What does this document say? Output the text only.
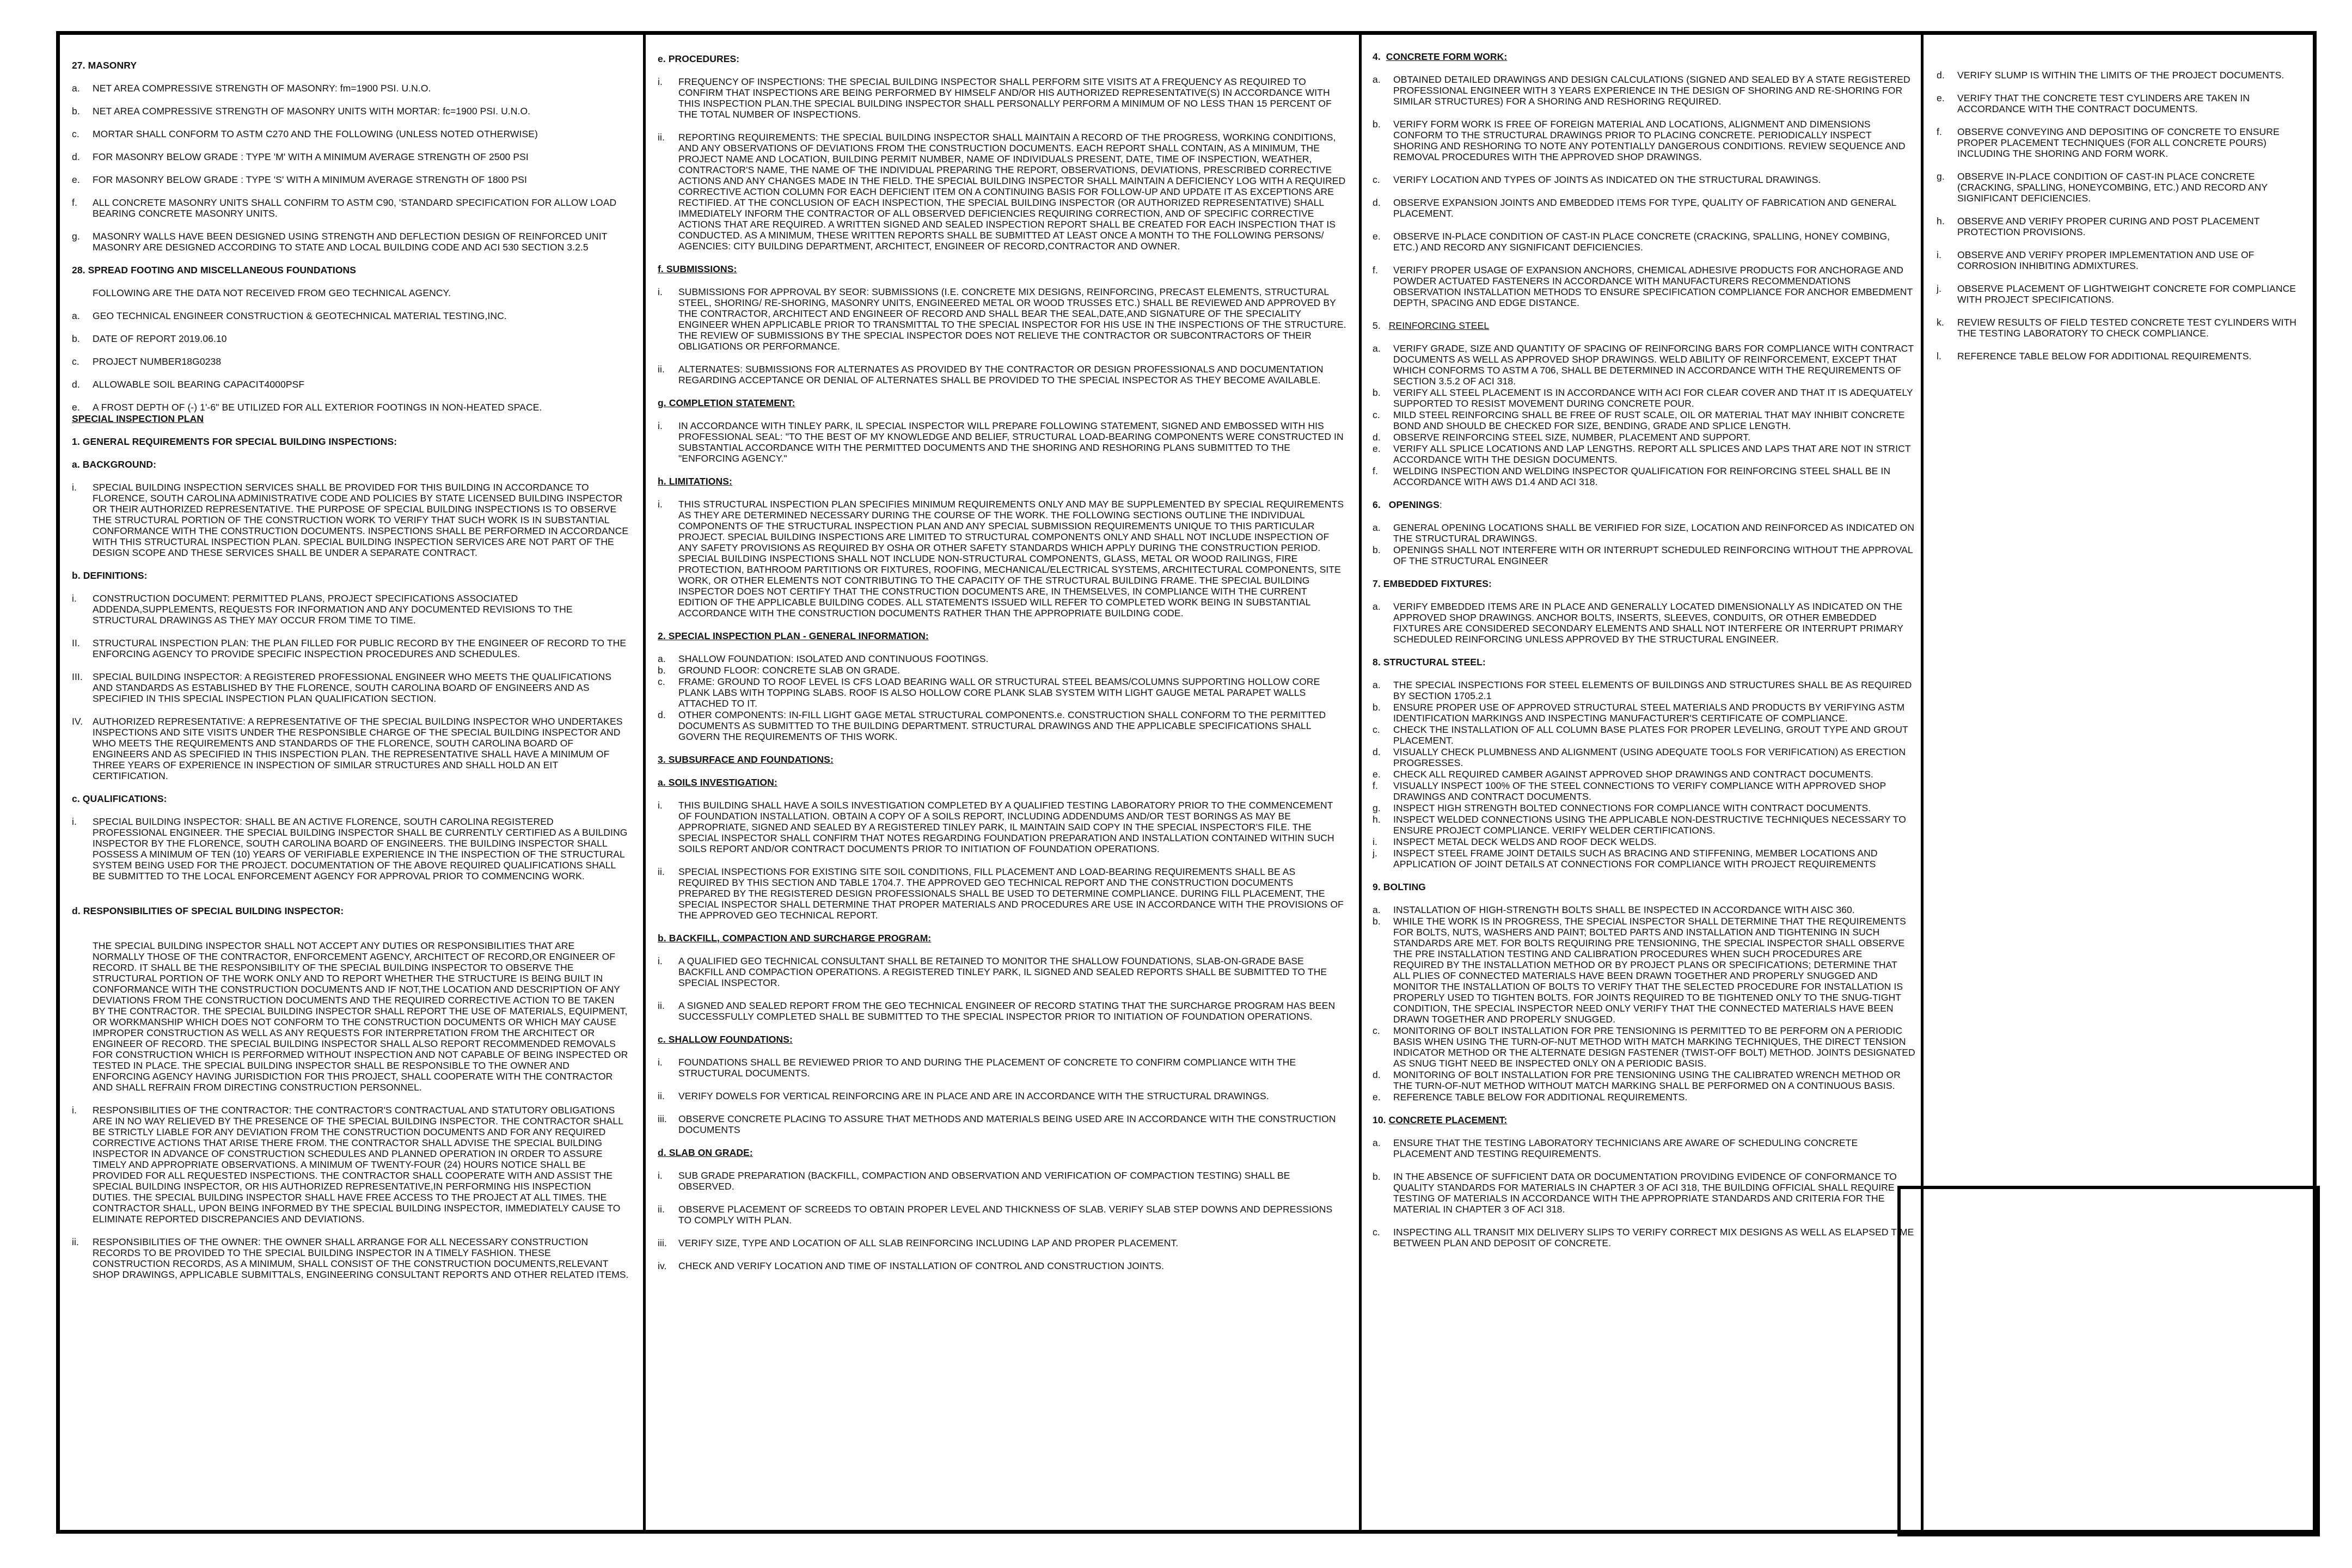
27. MASONRY

a.	NET AREA COMPRESSIVE STRENGTH OF MASONRY: fm=1900 PSI. U.N.O.
b.	NET AREA COMPRESSIVE STRENGTH OF MASONRY UNITS WITH MORTAR: fc=1900 PSI. U.N.O.
c.	MORTAR SHALL CONFORM TO ASTM C270 AND THE FOLLOWING (UNLESS NOTED OTHERWISE)
d.	FOR MASONRY BELOW GRADE : TYPE 'M' WITH A MINIMUM AVERAGE STRENGTH OF 2500 PSI
e.	FOR MASONRY BELOW GRADE : TYPE 'S' WITH A MINIMUM AVERAGE STRENGTH OF 1800 PSI
f.	ALL CONCRETE MASONRY UNITS SHALL CONFIRM TO ASTM C90, 'STANDARD SPECIFICATION FOR ALLOW LOAD BEARING CONCRETE MASONRY UNITS.
g.	MASONRY WALLS HAVE BEEN DESIGNED USING STRENGTH AND DEFLECTION DESIGN OF REINFORCED UNIT MASONRY ARE DESIGNED ACCORDING TO STATE AND LOCAL BUILDING CODE AND ACI 530 SECTION 3.2.5

28. SPREAD FOOTING AND MISCELLANEOUS FOUNDATIONS

FOLLOWING ARE THE DATA NOT RECEIVED FROM GEO TECHNICAL AGENCY.

a.	GEO TECHNICAL ENGINEER CONSTRUCTION & GEOTECHNICAL MATERIAL TESTING,INC.
b.	DATE OF REPORT 2019.06.10
c.	PROJECT NUMBER18G0238
d.	ALLOWABLE SOIL BEARING CAPACIT4000PSF
e.	A FROST DEPTH OF (-) 1'-6" BE UTILIZED FOR ALL EXTERIOR FOOTINGS IN NON-HEATED SPACE.

SPECIAL INSPECTION PLAN

1. GENERAL REQUIREMENTS FOR SPECIAL BUILDING INSPECTIONS:

a. BACKGROUND:

i.	SPECIAL BUILDING INSPECTION SERVICES SHALL BE PROVIDED FOR THIS BUILDING IN ACCORDANCE TO FLORENCE, SOUTH CAROLINA ADMINISTRATIVE CODE AND POLICIES BY STATE LICENSED BUILDING INSPECTOR OR THEIR AUTHORIZED REPRESENTATIVE. THE PURPOSE OF SPECIAL BUILDING INSPECTIONS IS TO OBSERVE THE STRUCTURAL PORTION OF THE CONSTRUCTION WORK TO VERIFY THAT SUCH WORK IS IN SUBSTANTIAL CONFORMANCE WITH THE CONSTRUCTION DOCUMENTS. INSPECTIONS SHALL BE PERFORMED IN ACCORDANCE WITH THIS STRUCTURAL INSPECTION PLAN. SPECIAL BUILDING INSPECTION SERVICES ARE NOT PART OF THE DESIGN SCOPE AND THESE SERVICES SHALL BE UNDER A SEPARATE CONTRACT.

b. DEFINITIONS:

i.	CONSTRUCTION DOCUMENT: PERMITTED PLANS, PROJECT SPECIFICATIONS ASSOCIATED ADDENDA,SUPPLEMENTS, REQUESTS FOR INFORMATION AND ANY DOCUMENTED REVISIONS TO THE STRUCTURAL DRAWINGS AS THEY MAY OCCUR FROM TIME TO TIME.
II.	STRUCTURAL INSPECTION PLAN: THE PLAN FILLED FOR PUBLIC RECORD BY THE ENGINEER OF RECORD TO THE ENFORCING AGENCY TO PROVIDE SPECIFIC INSPECTION PROCEDURES AND SCHEDULES.
III.	SPECIAL BUILDING INSPECTOR: A REGISTERED PROFESSIONAL ENGINEER WHO MEETS THE QUALIFICATIONS AND STANDARDS AS ESTABLISHED BY THE FLORENCE, SOUTH CAROLINA BOARD OF ENGINEERS AND AS SPECIFIED IN THIS SPECIAL INSPECTION PLAN QUALIFICATION SECTION.
IV.	AUTHORIZED REPRESENTATIVE: A REPRESENTATIVE OF THE SPECIAL BUILDING INSPECTOR WHO UNDERTAKES INSPECTIONS AND SITE VISITS UNDER THE RESPONSIBLE CHARGE OF THE SPECIAL BUILDING INSPECTOR AND WHO MEETS THE REQUIREMENTS AND STANDARDS OF THE FLORENCE, SOUTH CAROLINA BOARD OF ENGINEERS AND AS SPECIFIED IN THIS INSPECTION PLAN. THE REPRESENTATIVE SHALL HAVE A MINIMUM OF THREE YEARS OF EXPERIENCE IN INSPECTION OF SIMILAR STRUCTURES AND SHALL HOLD AN EIT CERTIFICATION.

c. QUALIFICATIONS:

i.	SPECIAL BUILDING INSPECTOR: SHALL BE AN ACTIVE FLORENCE, SOUTH CAROLINA REGISTERED PROFESSIONAL ENGINEER. THE SPECIAL BUILDING INSPECTOR SHALL BE CURRENTLY CERTIFIED AS A BUILDING INSPECTOR BY THE FLORENCE, SOUTH CAROLINA BOARD OF ENGINEERS. THE BUILDING INSPECTOR SHALL POSSESS A MINIMUM OF TEN (10) YEARS OF VERIFIABLE EXPERIENCE IN THE INSPECTION OF THE STRUCTURAL SYSTEM BEING USED FOR THE PROJECT. DOCUMENTATION OF THE ABOVE REQUIRED QUALIFICATIONS SHALL BE SUBMITTED TO THE LOCAL ENFORCEMENT AGENCY FOR APPROVAL PRIOR TO COMMENCING WORK.

d. RESPONSIBILITIES OF SPECIAL BUILDING INSPECTOR:

THE SPECIAL BUILDING INSPECTOR SHALL NOT ACCEPT ANY DUTIES OR RESPONSIBILITIES THAT ARE NORMALLY THOSE OF THE CONTRACTOR, ENFORCEMENT AGENCY, ARCHITECT OF RECORD,OR ENGINEER OF RECORD. IT SHALL BE THE RESPONSIBILITY OF THE SPECIAL BUILDING INSPECTOR TO OBSERVE THE STRUCTURAL PORTION OF THE WORK ONLY AND TO REPORT WHETHER THE STRUCTURE IS BEING BUILT IN CONFORMANCE WITH THE CONSTRUCTION DOCUMENTS AND IF NOT,THE LOCATION AND DESCRIPTION OF ANY DEVIATIONS FROM THE CONSTRUCTION DOCUMENTS AND THE REQUIRED CORRECTIVE ACTION TO BE TAKEN BY THE CONTRACTOR. THE SPECIAL BUILDING INSPECTOR SHALL REPORT THE USE OF MATERIALS, EQUIPMENT, OR WORKMANSHIP WHICH DOES NOT CONFORM TO THE CONSTRUCTION DOCUMENTS OR WHICH MAY CAUSE IMPROPER CONSTRUCTION AS WELL AS ANY REQUESTS FOR INTERPRETATION FROM THE ARCHITECT OR ENGINEER OF RECORD. THE SPECIAL BUILDING INSPECTOR SHALL ALSO REPORT RECOMMENDED REMOVALS FOR CONSTRUCTION WHICH IS PERFORMED WITHOUT INSPECTION AND NOT CAPABLE OF BEING INSPECTED OR TESTED IN PLACE. THE SPECIAL BUILDING INSPECTOR SHALL BE RESPONSIBLE TO THE OWNER AND ENFORCING AGENCY HAVING JURISDICTION FOR THIS PROJECT, SHALL COOPERATE WITH THE CONTRACTOR AND SHALL REFRAIN FROM DIRECTING CONSTRUCTION PERSONNEL.

i.	RESPONSIBILITIES OF THE CONTRACTOR: THE CONTRACTOR'S CONTRACTUAL AND STATUTORY OBLIGATIONS ARE IN NO WAY RELIEVED BY THE PRESENCE OF THE SPECIAL BUILDING INSPECTOR. THE CONTRACTOR SHALL BE STRICTLY LIABLE FOR ANY DEVIATION FROM THE CONSTRUCTION DOCUMENTS AND FOR ANY REQUIRED CORRECTIVE ACTIONS THAT ARISE THERE FROM. THE CONTRACTOR SHALL ADVISE THE SPECIAL BUILDING INSPECTOR IN ADVANCE OF CONSTRUCTION SCHEDULES AND PLANNED OPERATION IN ORDER TO ASSURE TIMELY AND APPROPRIATE OBSERVATIONS. A MINIMUM OF TWENTY-FOUR (24) HOURS NOTICE SHALL BE PROVIDED FOR ALL REQUESTED INSPECTIONS. THE CONTRACTOR SHALL COOPERATE WITH AND ASSIST THE SPECIAL BUILDING INSPECTOR, OR HIS AUTHORIZED REPRESENTATIVE,IN PERFORMING HIS INSPECTION DUTIES. THE SPECIAL BUILDING INSPECTOR SHALL HAVE FREE ACCESS TO THE PROJECT AT ALL TIMES. THE CONTRACTOR SHALL, UPON BEING INFORMED BY THE SPECIAL BUILDING INSPECTOR, IMMEDIATELY CAUSE TO ELIMINATE REPORTED DISCREPANCIES AND DEVIATIONS.
ii.	RESPONSIBILITIES OF THE OWNER: THE OWNER SHALL ARRANGE FOR ALL NECESSARY CONSTRUCTION RECORDS TO BE PROVIDED TO THE SPECIAL BUILDING INSPECTOR IN A TIMELY FASHION. THESE CONSTRUCTION RECORDS, AS A MINIMUM, SHALL CONSIST OF THE CONSTRUCTION DOCUMENTS,RELEVANT SHOP DRAWINGS, APPLICABLE SUBMITTALS, ENGINEERING CONSULTANT REPORTS AND OTHER RELATED ITEMS.

e. PROCEDURES:

i.	FREQUENCY OF INSPECTIONS: THE SPECIAL BUILDING INSPECTOR SHALL PERFORM SITE VISITS AT A FREQUENCY AS REQUIRED TO CONFIRM THAT INSPECTIONS ARE BEING PERFORMED BY HIMSELF AND/OR HIS AUTHORIZED REPRESENTATIVE(S) IN ACCORDANCE WITH THIS INSPECTION PLAN.THE SPECIAL BUILDING INSPECTOR SHALL PERSONALLY PERFORM A MINIMUM OF NO LESS THAN 15 PERCENT OF THE TOTAL NUMBER OF INSPECTIONS.
ii.	REPORTING REQUIREMENTS: THE SPECIAL BUILDING INSPECTOR SHALL MAINTAIN A RECORD OF THE PROGRESS, WORKING CONDITIONS, AND ANY OBSERVATIONS OF DEVIATIONS FROM THE CONSTRUCTION DOCUMENTS. EACH REPORT SHALL CONTAIN, AS A MINIMUM, THE PROJECT NAME AND LOCATION, BUILDING PERMIT NUMBER, NAME OF INDIVIDUALS PRESENT, DATE, TIME OF INSPECTION, WEATHER, CONTRACTOR'S NAME, THE NAME OF THE INDIVIDUAL PREPARING THE REPORT, OBSERVATIONS, DEVIATIONS, PRESCRIBED CORRECTIVE ACTIONS AND ANY CHANGES MADE IN THE FIELD. THE SPECIAL BUILDING INSPECTOR SHALL MAINTAIN A DEFICIENCY LOG WITH A REQUIRED CORRECTIVE ACTION COLUMN FOR EACH DEFICIENT ITEM ON A CONTINUING BASIS FOR FOLLOW-UP AND UPDATE IT AS EXCEPTIONS ARE RECTIFIED. AT THE CONCLUSION OF EACH INSPECTION, THE SPECIAL BUILDING INSPECTOR (OR AUTHORIZED REPRESENTATIVE) SHALL IMMEDIATELY INFORM THE CONTRACTOR OF ALL OBSERVED DEFICIENCIES REQUIRING CORRECTION, AND OF SPECIFIC CORRECTIVE ACTIONS THAT ARE REQUIRED. A WRITTEN SIGNED AND SEALED INSPECTION REPORT SHALL BE CREATED FOR EACH INSPECTION THAT IS CONDUCTED. AS A MINIMUM, THESE WRITTEN REPORTS SHALL BE SUBMITTED AT LEAST ONCE A MONTH TO THE FOLLOWING PERSONS/ AGENCIES: CITY BUILDING DEPARTMENT, ARCHITECT, ENGINEER OF RECORD,CONTRACTOR AND OWNER.

f. SUBMISSIONS:

i.	SUBMISSIONS FOR APPROVAL BY SEOR: SUBMISSIONS (I.E. CONCRETE MIX DESIGNS, REINFORCING, PRECAST ELEMENTS, STRUCTURAL STEEL, SHORING/ RE-SHORING, MASONRY UNITS, ENGINEERED METAL OR WOOD TRUSSES ETC.) SHALL BE REVIEWED AND APPROVED BY THE CONTRACTOR, ARCHITECT AND ENGINEER OF RECORD AND SHALL BEAR THE SEAL,DATE,AND SIGNATURE OF THE SPECIALITY ENGINEER WHEN APPLICABLE PRIOR TO TRANSMITTAL TO THE SPECIAL INSPECTOR FOR HIS USE IN THE INSPECTIONS OF THE STRUCTURE. THE REVIEW OF SUBMISSIONS BY THE SPECIAL INSPECTOR DOES NOT RELIEVE THE CONTRACTOR OR SUBCONTRACTORS OF THEIR OBLIGATIONS OR PERFORMANCE.
ii.	ALTERNATES: SUBMISSIONS FOR ALTERNATES AS PROVIDED BY THE CONTRACTOR OR DESIGN PROFESSIONALS AND DOCUMENTATION REGARDING ACCEPTANCE OR DENIAL OF ALTERNATES SHALL BE PROVIDED TO THE SPECIAL INSPECTOR AS THEY BECOME AVAILABLE.

g. COMPLETION STATEMENT:

i.	IN ACCORDANCE WITH TINLEY PARK, IL SPECIAL INSPECTOR WILL PREPARE FOLLOWING STATEMENT, SIGNED AND EMBOSSED WITH HIS PROFESSIONAL SEAL: "TO THE BEST OF MY KNOWLEDGE AND BELIEF, STRUCTURAL LOAD-BEARING COMPONENTS WERE CONSTRUCTED IN SUBSTANTIAL ACCORDANCE WITH THE PERMITTED DOCUMENTS AND THE SHORING AND RESHORING PLANS SUBMITTED TO THE "ENFORCING AGENCY."

h. LIMITATIONS:

i.	THIS STRUCTURAL INSPECTION PLAN SPECIFIES MINIMUM REQUIREMENTS ONLY AND MAY BE SUPPLEMENTED BY SPECIAL REQUIREMENTS AS THEY ARE DETERMINED NECESSARY DURING THE COURSE OF THE WORK. THE FOLLOWING SECTIONS OUTLINE THE INDIVIDUAL COMPONENTS OF THE STRUCTURAL INSPECTION PLAN AND ANY SPECIAL SUBMISSION REQUIREMENTS UNIQUE TO THIS PARTICULAR PROJECT. SPECIAL BUILDING INSPECTIONS ARE LIMITED TO STRUCTURAL COMPONENTS ONLY AND SHALL NOT INCLUDE INSPECTION OF ANY SAFETY PROVISIONS AS REQUIRED BY OSHA OR OTHER SAFETY STANDARDS WHICH APPLY DURING THE CONSTRUCTION PERIOD. SPECIAL BUILDING INSPECTIONS SHALL NOT INCLUDE NON-STRUCTURAL COMPONENTS, GLASS, METAL OR WOOD RAILINGS, FIRE PROTECTION, BATHROOM PARTITIONS OR FIXTURES, ROOFING, MECHANICAL/ELECTRICAL SYSTEMS, ARCHITECTURAL COMPONENTS, SITE WORK, OR OTHER ELEMENTS NOT CONTRIBUTING TO THE CAPACITY OF THE STRUCTURAL BUILDING FRAME. THE SPECIAL BUILDING INSPECTOR DOES NOT CERTIFY THAT THE CONSTRUCTION DOCUMENTS ARE, IN THEMSELVES, IN COMPLIANCE WITH THE CURRENT EDITION OF THE APPLICABLE BUILDING CODES. ALL STATEMENTS ISSUED WILL REFER TO COMPLETED WORK BEING IN SUBSTANTIAL ACCORDANCE WITH THE CONSTRUCTION DOCUMENTS RATHER THAN THE APPROPRIATE BUILDING CODE.

2. SPECIAL INSPECTION PLAN - GENERAL INFORMATION:

a.	SHALLOW FOUNDATION: ISOLATED AND CONTINUOUS FOOTINGS.
b.	GROUND FLOOR: CONCRETE SLAB ON GRADE.
c.	FRAME: GROUND TO ROOF LEVEL IS CFS LOAD BEARING WALL OR STRUCTURAL STEEL BEAMS/COLUMNS SUPPORTING HOLLOW CORE PLANK LABS WITH TOPPING SLABS. ROOF IS ALSO HOLLOW CORE PLANK SLAB SYSTEM WITH LIGHT GAUGE METAL PARAPET WALLS ATTACHED TO IT.
d.	OTHER COMPONENTS: IN-FILL LIGHT GAGE METAL STRUCTURAL COMPONENTS.e. CONSTRUCTION SHALL CONFORM TO THE PERMITTED DOCUMENTS AS SUBMITTED TO THE BUILDING DEPARTMENT. STRUCTURAL DRAWINGS AND THE APPLICABLE SPECIFICATIONS SHALL GOVERN THE REQUIREMENTS OF THIS WORK.

3. SUBSURFACE AND FOUNDATIONS:

a. SOILS INVESTIGATION:

i.	THIS BUILDING SHALL HAVE A SOILS INVESTIGATION COMPLETED BY A QUALIFIED TESTING LABORATORY PRIOR TO THE COMMENCEMENT OF FOUNDATION INSTALLATION. OBTAIN A COPY OF A SOILS REPORT, INCLUDING ADDENDUMS AND/OR TEST BORINGS AS MAY BE APPROPRIATE, SIGNED AND SEALED BY A REGISTERED TINLEY PARK, IL MAINTAIN SAID COPY IN THE SPECIAL INSPECTOR'S FILE. THE SPECIAL INSPECTOR SHALL CONFIRM THAT NOTES REGARDING FOUNDATION PREPARATION AND INSTALLATION CONTAINED WITHIN SUCH SOILS REPORT AND/OR CONTRACT DOCUMENTS PRIOR TO INITIATION OF FOUNDATION OPERATIONS.
ii.	SPECIAL INSPECTIONS FOR EXISTING SITE SOIL CONDITIONS, FILL PLACEMENT AND LOAD-BEARING REQUIREMENTS SHALL BE AS REQUIRED BY THIS SECTION AND TABLE 1704.7. THE APPROVED GEO TECHNICAL REPORT AND THE CONSTRUCTION DOCUMENTS PREPARED BY THE REGISTERED DESIGN PROFESSIONALS SHALL BE USED TO DETERMINE COMPLIANCE. DURING FILL PLACEMENT, THE SPECIAL INSPECTOR SHALL DETERMINE THAT PROPER MATERIALS AND PROCEDURES ARE USE IN ACCORDANCE WITH THE PROVISIONS OF THE APPROVED GEO TECHNICAL REPORT.

b. BACKFILL, COMPACTION AND SURCHARGE PROGRAM:

i.	A QUALIFIED GEO TECHNICAL CONSULTANT SHALL BE RETAINED TO MONITOR THE SHALLOW FOUNDATIONS, SLAB-ON-GRADE BASE BACKFILL AND COMPACTION OPERATIONS. A REGISTERED TINLEY PARK, IL SIGNED AND SEALED REPORTS SHALL BE SUBMITTED TO THE SPECIAL INSPECTOR.
ii.	A SIGNED AND SEALED REPORT FROM THE GEO TECHNICAL ENGINEER OF RECORD STATING THAT THE SURCHARGE PROGRAM HAS BEEN SUCCESSFULLY COMPLETED SHALL BE SUBMITTED TO THE SPECIAL INSPECTOR PRIOR TO INITIATION OF FOUNDATION OPERATIONS.

c. SHALLOW FOUNDATIONS:

i.	FOUNDATIONS SHALL BE REVIEWED PRIOR TO AND DURING THE PLACEMENT OF CONCRETE TO CONFIRM COMPLIANCE WITH THE STRUCTURAL DOCUMENTS.
ii.	VERIFY DOWELS FOR VERTICAL REINFORCING ARE IN PLACE AND ARE IN ACCORDANCE WITH THE STRUCTURAL DRAWINGS.
iii.	OBSERVE CONCRETE PLACING TO ASSURE THAT METHODS AND MATERIALS BEING USED ARE IN ACCORDANCE WITH THE CONSTRUCTION DOCUMENTS

d. SLAB ON GRADE:

i.	SUB GRADE PREPARATION (BACKFILL, COMPACTION AND OBSERVATION AND VERIFICATION OF COMPACTION TESTING) SHALL BE OBSERVED.
ii.	OBSERVE PLACEMENT OF SCREEDS TO OBTAIN PROPER LEVEL AND THICKNESS OF SLAB. VERIFY SLAB STEP DOWNS AND DEPRESSIONS TO COMPLY WITH PLAN.
iii.	VERIFY SIZE, TYPE AND LOCATION OF ALL SLAB REINFORCING INCLUDING LAP AND PROPER PLACEMENT.
iv.	CHECK AND VERIFY LOCATION AND TIME OF INSTALLATION OF CONTROL AND CONSTRUCTION JOINTS.

4. CONCRETE FORM WORK:

a.	OBTAINED DETAILED DRAWINGS AND DESIGN CALCULATIONS (SIGNED AND SEALED BY A STATE REGISTERED PROFESSIONAL ENGINEER WITH 3 YEARS EXPERIENCE IN THE DESIGN OF SHORING AND RE-SHORING FOR SIMILAR STRUCTURES) FOR A SHORING AND RESHORING REQUIRED.
b.	VERIFY FORM WORK IS FREE OF FOREIGN MATERIAL AND LOCATIONS, ALIGNMENT AND DIMENSIONS CONFORM TO THE STRUCTURAL DRAWINGS PRIOR TO PLACING CONCRETE. PERIODICALLY INSPECT SHORING AND RESHORING TO NOTE ANY POTENTIALLY DANGEROUS CONDITIONS. REVIEW SEQUENCE AND REMOVAL PROCEDURES WITH THE APPROVED SHOP DRAWINGS.
c.	VERIFY LOCATION AND TYPES OF JOINTS AS INDICATED ON THE STRUCTURAL DRAWINGS.
d.	OBSERVE EXPANSION JOINTS AND EMBEDDED ITEMS FOR TYPE, QUALITY OF FABRICATION AND GENERAL PLACEMENT.
e.	OBSERVE IN-PLACE CONDITION OF CAST-IN PLACE CONCRETE (CRACKING, SPALLING, HONEY COMBING, ETC.) AND RECORD ANY SIGNIFICANT DEFICIENCIES.
f.	VERIFY PROPER USAGE OF EXPANSION ANCHORS, CHEMICAL ADHESIVE PRODUCTS FOR ANCHORAGE AND POWDER ACTUATED FASTENERS IN ACCORDANCE WITH MANUFACTURERS RECOMMENDATIONS OBSERVATION INSTALLATION METHODS TO ENSURE SPECIFICATION COMPLIANCE FOR ANCHOR EMBEDMENT DEPTH, SPACING AND EDGE DISTANCE.

5. REINFORCING STEEL

a.	VERIFY GRADE, SIZE AND QUANTITY OF SPACING OF REINFORCING BARS FOR COMPLIANCE WITH CONTRACT DOCUMENTS AS WELL AS APPROVED SHOP DRAWINGS. WELD ABILITY OF REINFORCEMENT, EXCEPT THAT WHICH CONFORMS TO ASTM A 706, SHALL BE DETERMINED IN ACCORDANCE WITH THE REQUIREMENTS OF SECTION 3.5.2 OF ACI 318.
b.	VERIFY ALL STEEL PLACEMENT IS IN ACCORDANCE WITH ACI FOR CLEAR COVER AND THAT IT IS ADEQUATELY SUPPORTED TO RESIST MOVEMENT DURING CONCRETE POUR.
c.	MILD STEEL REINFORCING SHALL BE FREE OF RUST SCALE, OIL OR MATERIAL THAT MAY INHIBIT CONCRETE BOND AND SHOULD BE CHECKED FOR SIZE, BENDING, GRADE AND SPLICE LENGTH.
d.	OBSERVE REINFORCING STEEL SIZE, NUMBER, PLACEMENT AND SUPPORT.
e.	VERIFY ALL SPLICE LOCATIONS AND LAP LENGTHS. REPORT ALL SPLICES AND LAPS THAT ARE NOT IN STRICT ACCORDANCE WITH THE DESIGN DOCUMENTS.
f.	WELDING INSPECTION AND WELDING INSPECTOR QUALIFICATION FOR REINFORCING STEEL SHALL BE IN ACCORDANCE WITH AWS D1.4 AND ACI 318.

6. OPENINGS:

a.	GENERAL OPENING LOCATIONS SHALL BE VERIFIED FOR SIZE, LOCATION AND REINFORCED AS INDICATED ON THE STRUCTURAL DRAWINGS.
b.	OPENINGS SHALL NOT INTERFERE WITH OR INTERRUPT SCHEDULED REINFORCING WITHOUT THE APPROVAL OF THE STRUCTURAL ENGINEER

7. EMBEDDED FIXTURES:

a.	VERIFY EMBEDDED ITEMS ARE IN PLACE AND GENERALLY LOCATED DIMENSIONALLY AS INDICATED ON THE APPROVED SHOP DRAWINGS. ANCHOR BOLTS, INSERTS, SLEEVES, CONDUITS, OR OTHER EMBEDDED FIXTURES ARE CONSIDERED SECONDARY ELEMENTS AND SHALL NOT INTERFERE OR INTERRUPT PRIMARY SCHEDULED REINFORCING UNLESS APPROVED BY THE STRUCTURAL ENGINEER.

8. STRUCTURAL STEEL:

a.	THE SPECIAL INSPECTIONS FOR STEEL ELEMENTS OF BUILDINGS AND STRUCTURES SHALL BE AS REQUIRED BY SECTION 1705.2.1
b.	ENSURE PROPER USE OF APPROVED STRUCTURAL STEEL MATERIALS AND PRODUCTS BY VERIFYING ASTM IDENTIFICATION MARKINGS AND INSPECTING MANUFACTURER'S CERTIFICATE OF COMPLIANCE.
c.	CHECK THE INSTALLATION OF ALL COLUMN BASE PLATES FOR PROPER LEVELING, GROUT TYPE AND GROUT PLACEMENT.
d.	VISUALLY CHECK PLUMBNESS AND ALIGNMENT (USING ADEQUATE TOOLS FOR VERIFICATION) AS ERECTION PROGRESSES.
e.	CHECK ALL REQUIRED CAMBER AGAINST APPROVED SHOP DRAWINGS AND CONTRACT DOCUMENTS.
f.	VISUALLY INSPECT 100% OF THE STEEL CONNECTIONS TO VERIFY COMPLIANCE WITH APPROVED SHOP DRAWINGS AND CONTRACT DOCUMENTS.
g.	INSPECT HIGH STRENGTH BOLTED CONNECTIONS FOR COMPLIANCE WITH CONTRACT DOCUMENTS.
h.	INSPECT WELDED CONNECTIONS USING THE APPLICABLE NON-DESTRUCTIVE TECHNIQUES NECESSARY TO ENSURE PROJECT COMPLIANCE. VERIFY WELDER CERTIFICATIONS.
i.	INSPECT METAL DECK WELDS AND ROOF DECK WELDS.
j.	INSPECT STEEL FRAME JOINT DETAILS SUCH AS BRACING AND STIFFENING, MEMBER LOCATIONS AND APPLICATION OF JOINT DETAILS AT CONNECTIONS FOR COMPLIANCE WITH PROJECT REQUIREMENTS

9. BOLTING

a.	INSTALLATION OF HIGH-STRENGTH BOLTS SHALL BE INSPECTED IN ACCORDANCE WITH AISC 360.
b.	WHILE THE WORK IS IN PROGRESS, THE SPECIAL INSPECTOR SHALL DETERMINE THAT THE REQUIREMENTS FOR BOLTS, NUTS, WASHERS AND PAINT; BOLTED PARTS AND INSTALLATION AND TIGHTENING IN SUCH STANDARDS ARE MET. FOR BOLTS REQUIRING PRE TENSIONING, THE SPECIAL INSPECTOR SHALL OBSERVE THE PRE INSTALLATION TESTING AND CALIBRATION PROCEDURES WHEN SUCH PROCEDURES ARE REQUIRED BY THE INSTALLATION METHOD OR BY PROJECT PLANS OR SPECIFICATIONS; DETERMINE THAT ALL PLIES OF CONNECTED MATERIALS HAVE BEEN DRAWN TOGETHER AND PROPERLY SNUGGED AND MONITOR THE INSTALLATION OF BOLTS TO VERIFY THAT THE SELECTED PROCEDURE FOR INSTALLATION IS PROPERLY USED TO TIGHTEN BOLTS. FOR JOINTS REQUIRED TO BE TIGHTENED ONLY TO THE SNUG-TIGHT CONDITION, THE SPECIAL INSPECTOR NEED ONLY VERIFY THAT THE CONNECTED MATERIALS HAVE BEEN DRAWN TOGETHER AND PROPERLY SNUGGED.
c.	MONITORING OF BOLT INSTALLATION FOR PRE TENSIONING IS PERMITTED TO BE PERFORM ON A PERIODIC BASIS WHEN USING THE TURN-OF-NUT METHOD WITH MATCH MARKING TECHNIQUES, THE DIRECT TENSION INDICATOR METHOD OR THE ALTERNATE DESIGN FASTENER (TWIST-OFF BOLT) METHOD. JOINTS DESIGNATED AS SNUG TIGHT NEED BE INSPECTED ONLY ON A PERIODIC BASIS.
d.	MONITORING OF BOLT INSTALLATION FOR PRE TENSIONING USING THE CALIBRATED WRENCH METHOD OR THE TURN-OF-NUT METHOD WITHOUT MATCH MARKING SHALL BE PERFORMED ON A CONTINUOUS BASIS.
e.	REFERENCE TABLE BELOW FOR ADDITIONAL REQUIREMENTS.

10. CONCRETE PLACEMENT:

a.	ENSURE THAT THE TESTING LABORATORY TECHNICIANS ARE AWARE OF SCHEDULING CONCRETE PLACEMENT AND TESTING REQUIREMENTS.
b.	IN THE ABSENCE OF SUFFICIENT DATA OR DOCUMENTATION PROVIDING EVIDENCE OF CONFORMANCE TO QUALITY STANDARDS FOR MATERIALS IN CHAPTER 3 OF ACI 318, THE BUILDING OFFICIAL SHALL REQUIRE TESTING OF MATERIALS IN ACCORDANCE WITH THE APPROPRIATE STANDARDS AND CRITERIA FOR THE MATERIAL IN CHAPTER 3 OF ACI 318.
c.	INSPECTING ALL TRANSIT MIX DELIVERY SLIPS TO VERIFY CORRECT MIX DESIGNS AS WELL AS ELAPSED TIME BETWEEN PLAN AND DEPOSIT OF CONCRETE.
d.	VERIFY SLUMP IS WITHIN THE LIMITS OF THE PROJECT DOCUMENTS.
e.	VERIFY THAT THE CONCRETE TEST CYLINDERS ARE TAKEN IN ACCORDANCE WITH THE CONTRACT DOCUMENTS.
f.	OBSERVE CONVEYING AND DEPOSITING OF CONCRETE TO ENSURE PROPER PLACEMENT TECHNIQUES (FOR ALL CONCRETE POURS) INCLUDING THE SHORING AND FORM WORK.
g.	OBSERVE IN-PLACE CONDITION OF CAST-IN PLACE CONCRETE (CRACKING, SPALLING, HONEYCOMBING, ETC.) AND RECORD ANY SIGNIFICANT DEFICIENCIES.
h.	OBSERVE AND VERIFY PROPER CURING AND POST PLACEMENT PROTECTION PROVISIONS.
i.	OBSERVE AND VERIFY PROPER IMPLEMENTATION AND USE OF CORROSION INHIBITING ADMIXTURES.
j.	OBSERVE PLACEMENT OF LIGHTWEIGHT CONCRETE FOR COMPLIANCE WITH PROJECT SPECIFICATIONS.
k.	REVIEW RESULTS OF FIELD TESTED CONCRETE TEST CYLINDERS WITH THE TESTING LABORATORY TO CHECK COMPLIANCE.
l.	REFERENCE TABLE BELOW FOR ADDITIONAL REQUIREMENTS.
